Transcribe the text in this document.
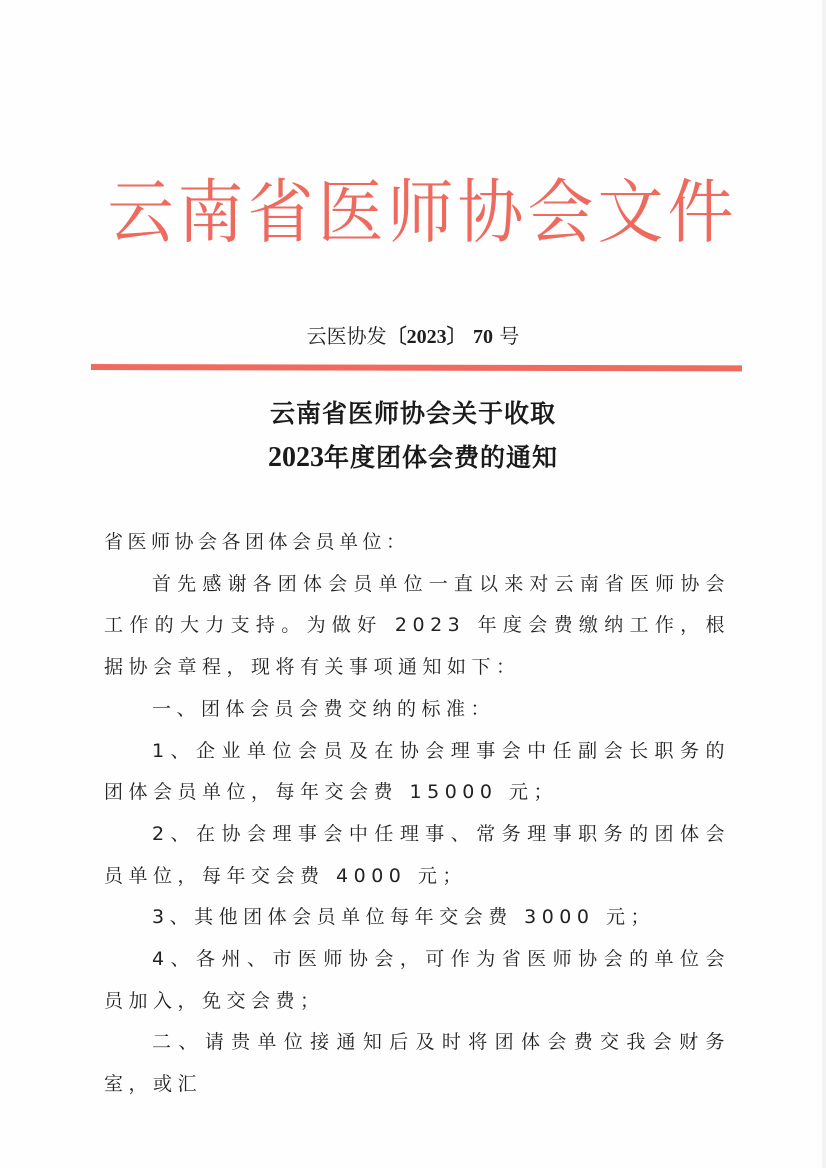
云南省医师协会文件
云医协发〔2023〕 70 号
云南省医师协会关于收取
2023年度团体会费的通知

省医师协会各团体会员单位：

首先感谢各团体会员单位一直以来对云南省医师协会工作的大力支持。为做好 2023 年度会费缴纳工作，根据协会章程，现将有关事项通知如下：

一、团体会员会费交纳的标准：

1、企业单位会员及在协会理事会中任副会长职务的团体会员单位，每年交会费 15000 元；

2、在协会理事会中任理事、常务理事职务的团体会员单位，每年交会费 4000 元；

3、其他团体会员单位每年交会费 3000 元；

4、各州、市医师协会，可作为省医师协会的单位会员加入，免交会费；

二、请贵单位接通知后及时将团体会费交我会财务室，或汇
